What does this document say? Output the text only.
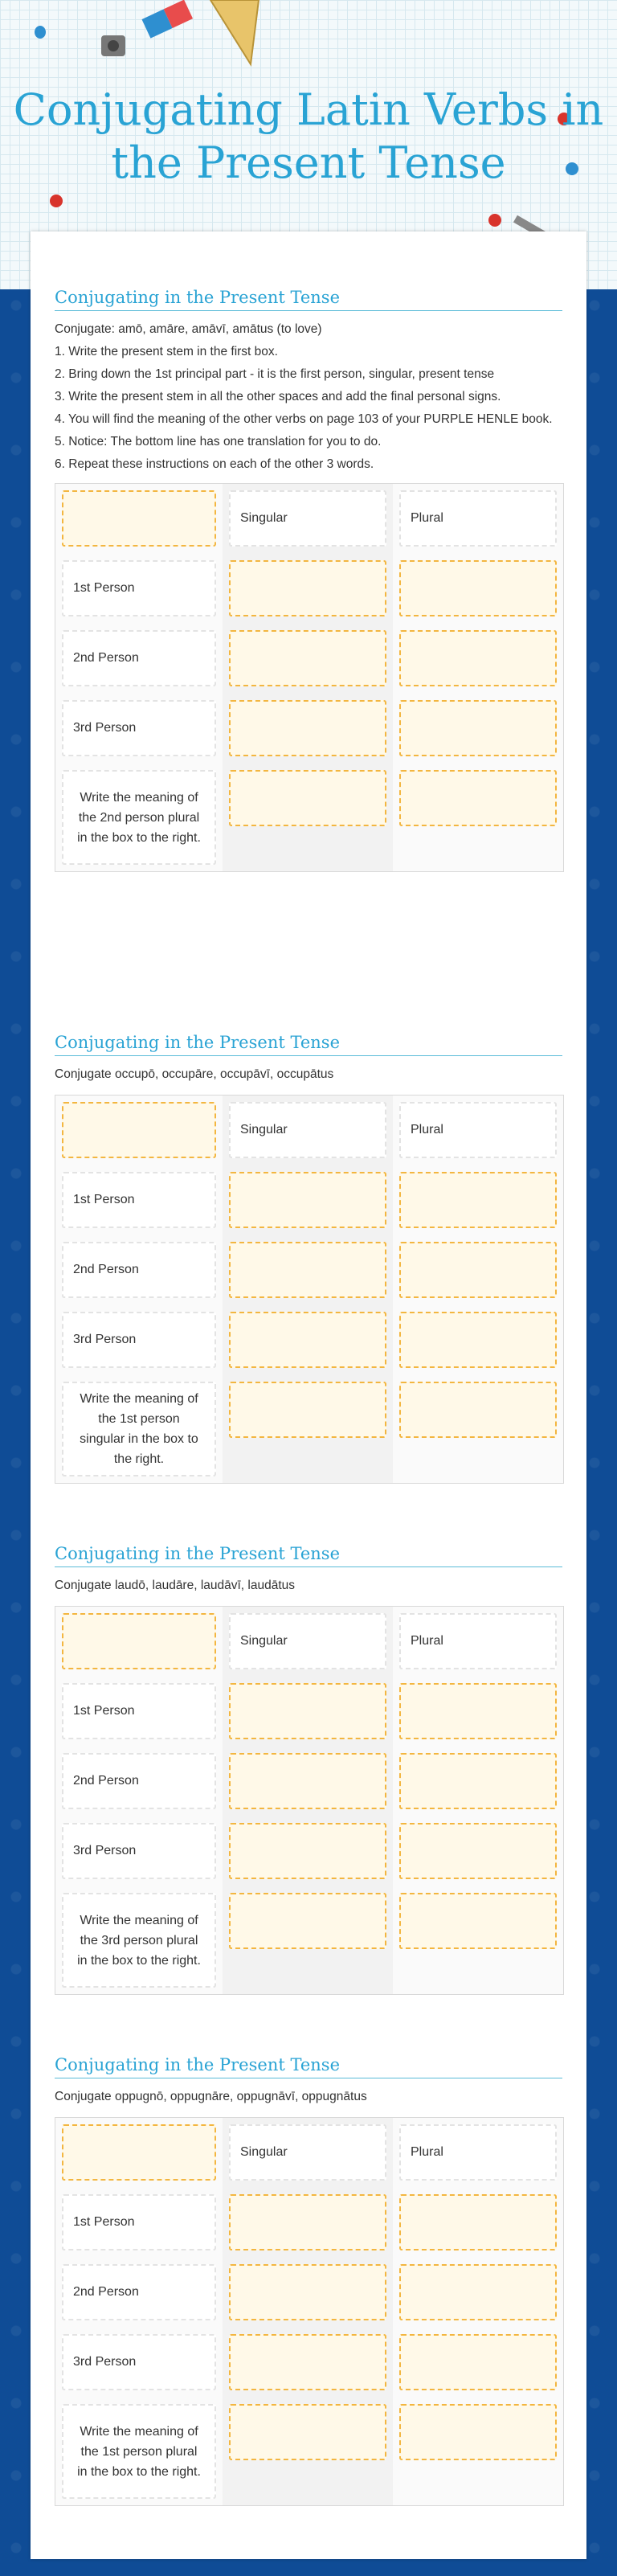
Conjugating Latin Verbs in the Present Tense
Conjugating in the Present Tense
Conjugate: amō, amāre, amāvī, amātus (to love)
1. Write the present stem in the first box.
2. Bring down the 1st principal part - it is the first person, singular, present tense
3. Write the present stem in all the other spaces and add the final personal signs.
4. You will find the meaning of the other verbs on page 103 of your PURPLE HENLE book.
5. Notice: The bottom line has one translation for you to do.
6. Repeat these instructions on each of the other 3 words.
Singular	Plural
1st Person
2nd Person
3rd Person
Write the meaning of the 2nd person plural in the box to the right.
Conjugating in the Present Tense
Conjugate occupō, occupāre, occupāvī, occupātus
Singular	Plural
1st Person
2nd Person
3rd Person
Write the meaning of the 1st person singular in the box to the right.
Conjugating in the Present Tense
Conjugate laudō, laudāre, laudāvī, laudātus
Singular	Plural
1st Person
2nd Person
3rd Person
Write the meaning of the 3rd person plural in the box to the right.
Conjugating in the Present Tense
Conjugate oppugnō, oppugnāre, oppugnāvī, oppugnātus
Singular	Plural
1st Person
2nd Person
3rd Person
Write the meaning of the 1st person plural in the box to the right.
